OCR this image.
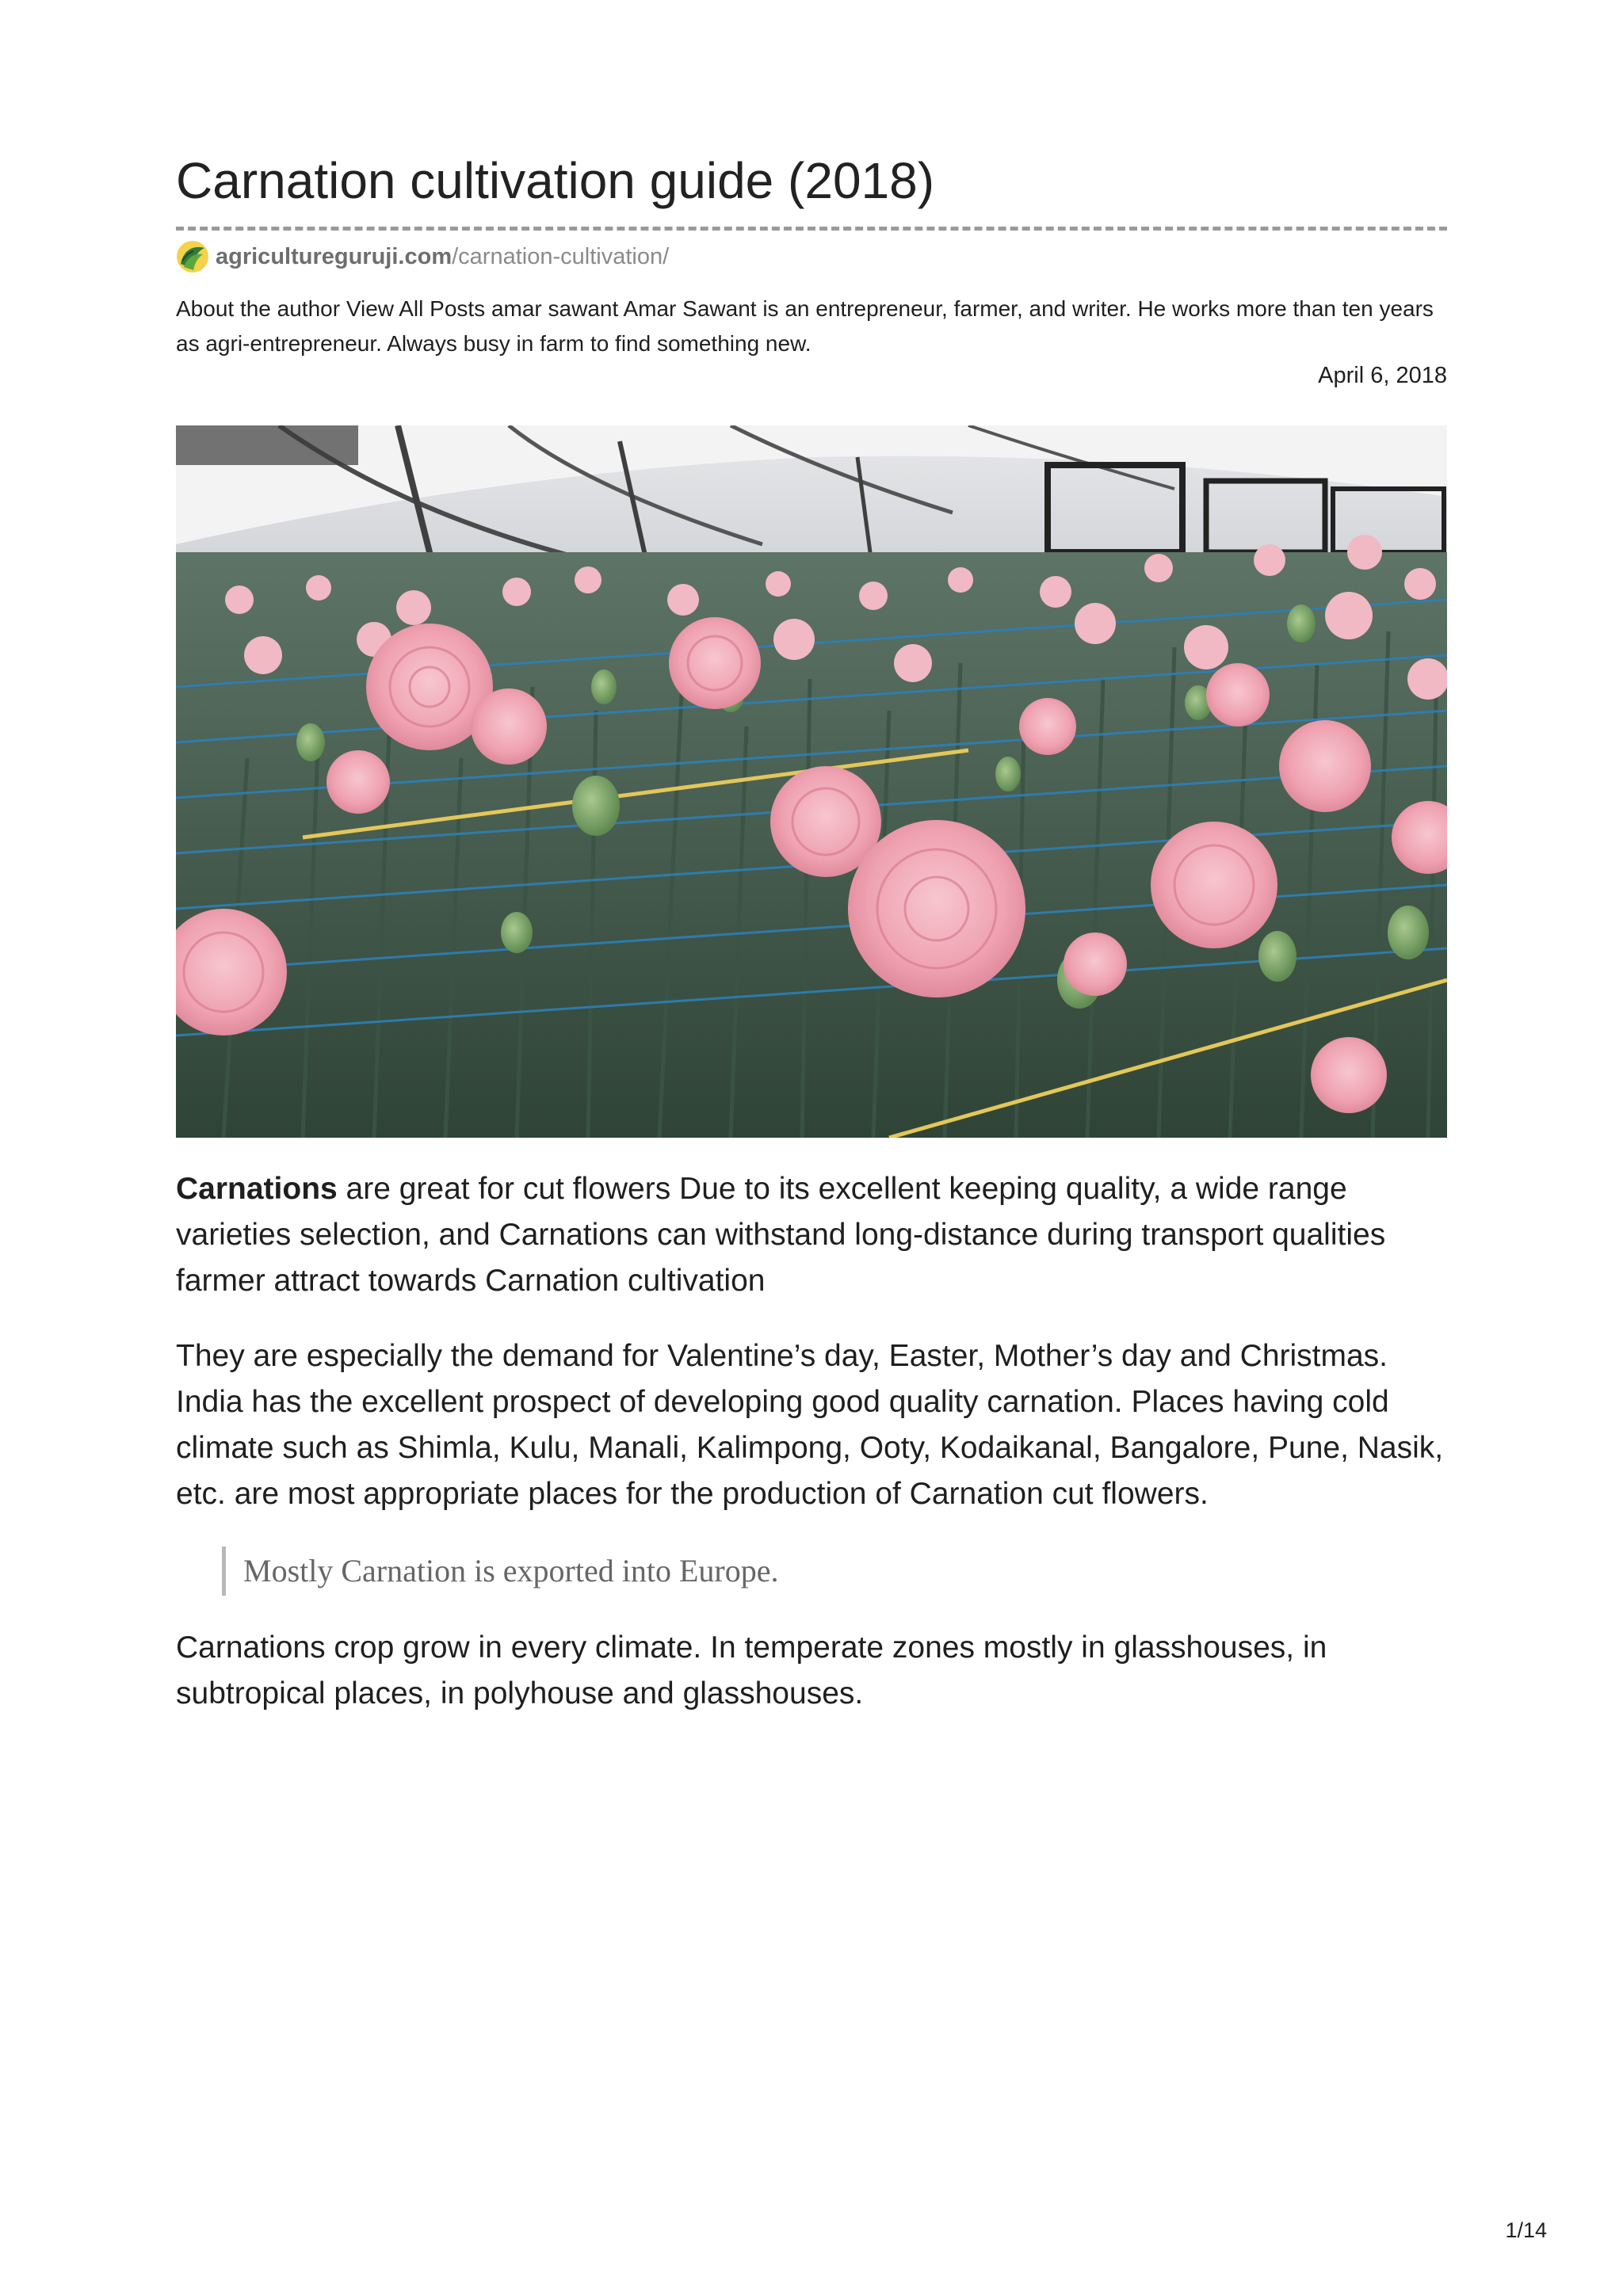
Carnation cultivation guide (2018)
agricultureguruji.com /carnation-cultivation/

About the author View All Posts amar sawant Amar Sawant is an entrepreneur, farmer, and writer. He works more than ten years as agri-entrepreneur. Always busy in farm to find something new.

April 6, 2018

Carnations are great for cut flowers Due to its excellent keeping quality, a wide range varieties selection, and Carnations can withstand long-distance during transport qualities farmer attract towards Carnation cultivation

They are especially the demand for Valentine’s day, Easter, Mother’s day and Christmas. India has the excellent prospect of developing good quality carnation. Places having cold climate such as Shimla, Kulu, Manali, Kalimpong, Ooty, Kodaikanal, Bangalore, Pune, Nasik, etc. are most appropriate places for the production of Carnation cut flowers.

Mostly Carnation is exported into Europe.

Carnations crop grow in every climate. In temperate zones mostly in glasshouses, in subtropical places, in polyhouse and glasshouses.

1/14
